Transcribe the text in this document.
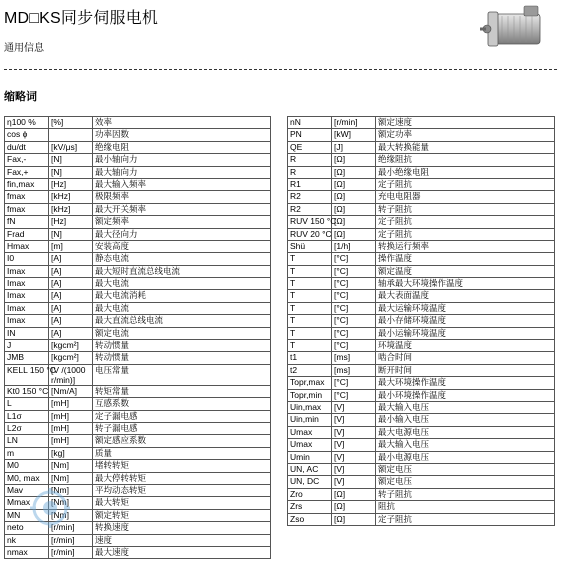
MD□KS同步伺服电机

通用信息

缩略词
η100 %	[%]	效率
cos ϕ		功率因数
du/dt	[kV/μs]	绝缘电阻
Fax,-	[N]	最小轴向力
Fax,+	[N]	最大轴向力
fin,max	[Hz]	最大输入频率
fmax	[kHz]	极限频率
fmax	[kHz]	最大开关频率
fN	[Hz]	额定频率
Frad	[N]	最大径向力
Hmax	[m]	安装高度
I0	[A]	静态电流
Imax	[A]	最大短时直流总线电流
Imax	[A]	最大电流
Imax	[A]	最大电流消耗
Imax	[A]	最大电流
Imax	[A]	最大直流总线电流
IN	[A]	额定电流
J	[kgcm²]	转动惯量
JMB	[kgcm²]	转动惯量
KELL 150 °C	[V /(1000 r/min)]	电压常量
Kt0 150 °C	[Nm/A]	转矩常量
L	[mH]	互感系数
L1σ	[mH]	定子漏电感
L2σ	[mH]	转子漏电感
LN	[mH]	额定感应系数
m	[kg]	质量
M0	[Nm]	堵转转矩
M0, max	[Nm]	最大停转转矩
Mav	[Nm]	平均动态转矩
Mmax	[Nm]	最大转矩
MN	[Nm]	额定转矩
neto	[r/min]	转换速度
nk	[r/min]	速度
nmax	[r/min]	最大速度
nN	[r/min]	额定速度
PN	[kW]	额定功率
QE	[J]	最大转换能量
R	[Ω]	绝缘阻抗
R	[Ω]	最小绝缘电阻
R1	[Ω]	定子阻抗
R2	[Ω]	充电电阻器
R2	[Ω]	转子阻抗
RUV 150 °C	[Ω]	定子阻抗
RUV 20 °C	[Ω]	定子阻抗
Shü	[1/h]	转换运行频率
T	[°C]	操作温度
T	[°C]	额定温度
T	[°C]	轴承最大环境操作温度
T	[°C]	最大表面温度
T	[°C]	最大运输环境温度
T	[°C]	最小存储环境温度
T	[°C]	最小运输环境温度
T	[°C]	环境温度
t1	[ms]	啮合时间
t2	[ms]	断开时间
Topr,max	[°C]	最大环境操作温度
Topr,min	[°C]	最小环境操作温度
Uin,max	[V]	最大输入电压
Uin,min	[V]	最小输入电压
Umax	[V]	最大电源电压
Umax	[V]	最大输入电压
Umin	[V]	最小电源电压
UN, AC	[V]	额定电压
UN, DC	[V]	额定电压
Zro	[Ω]	转子阻抗
Zrs	[Ω]	阻抗
Zso	[Ω]	定子阻抗
